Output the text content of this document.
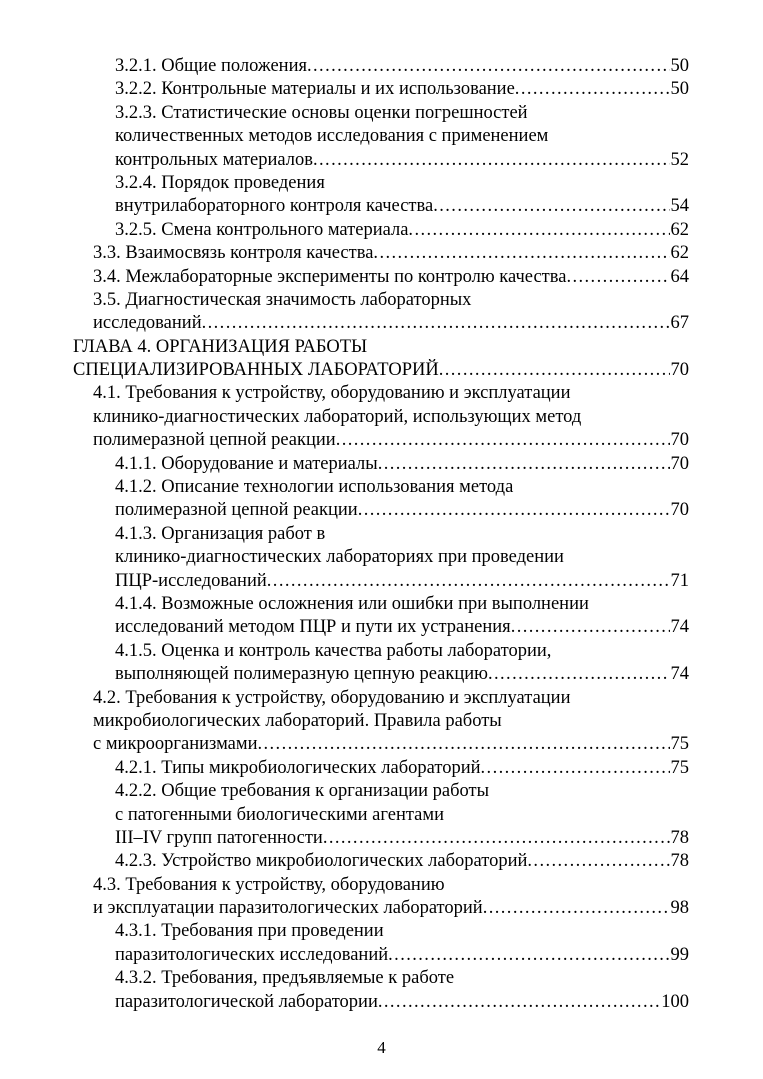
3.2.1. Общие положения .....	50
3.2.2. Контрольные материалы и их использование .....	50
3.2.3. Статистические основы оценки погрешностей
количественных методов исследования с применением
контрольных материалов .....	52
3.2.4. Порядок проведения
внутрилабораторного контроля качества .....	54
3.2.5. Смена контрольного материала .....	62
3.3. Взаимосвязь контроля качества .....	62
3.4. Межлабораторные эксперименты по контролю качества .....	64
3.5. Диагностическая значимость лабораторных
исследований .....	67
ГЛАВА 4. ОРГАНИЗАЦИЯ РАБОТЫ
СПЕЦИАЛИЗИРОВАННЫХ ЛАБОРАТОРИЙ .....	70
4.1. Требования к устройству, оборудованию и эксплуатации
клинико-диагностических лабораторий, использующих метод
полимеразной цепной реакции .....	70
4.1.1. Оборудование и материалы .....	70
4.1.2. Описание технологии использования метода
полимеразной цепной реакции .....	70
4.1.3. Организация работ в
клинико-диагностических лабораториях при проведении
ПЦР-исследований .....	71
4.1.4. Возможные осложнения или ошибки при выполнении
исследований методом ПЦР и пути их устранения .....	74
4.1.5. Оценка и контроль качества работы лаборатории,
выполняющей полимеразную цепную реакцию .....	74
4.2. Требования к устройству, оборудованию и эксплуатации
микробиологических лабораторий. Правила работы
с микроорганизмами .....	75
4.2.1. Типы микробиологических лабораторий .....	75
4.2.2. Общие требования к организации работы
с патогенными биологическими агентами
III–IV групп патогенности .....	78
4.2.3. Устройство микробиологических лабораторий .....	78
4.3. Требования к устройству, оборудованию
и эксплуатации паразитологических лабораторий .....	98
4.3.1. Требования при проведении
паразитологических исследований .....	99
4.3.2. Требования, предъявляемые к работе
паразитологической лаборатории .....	100
4
